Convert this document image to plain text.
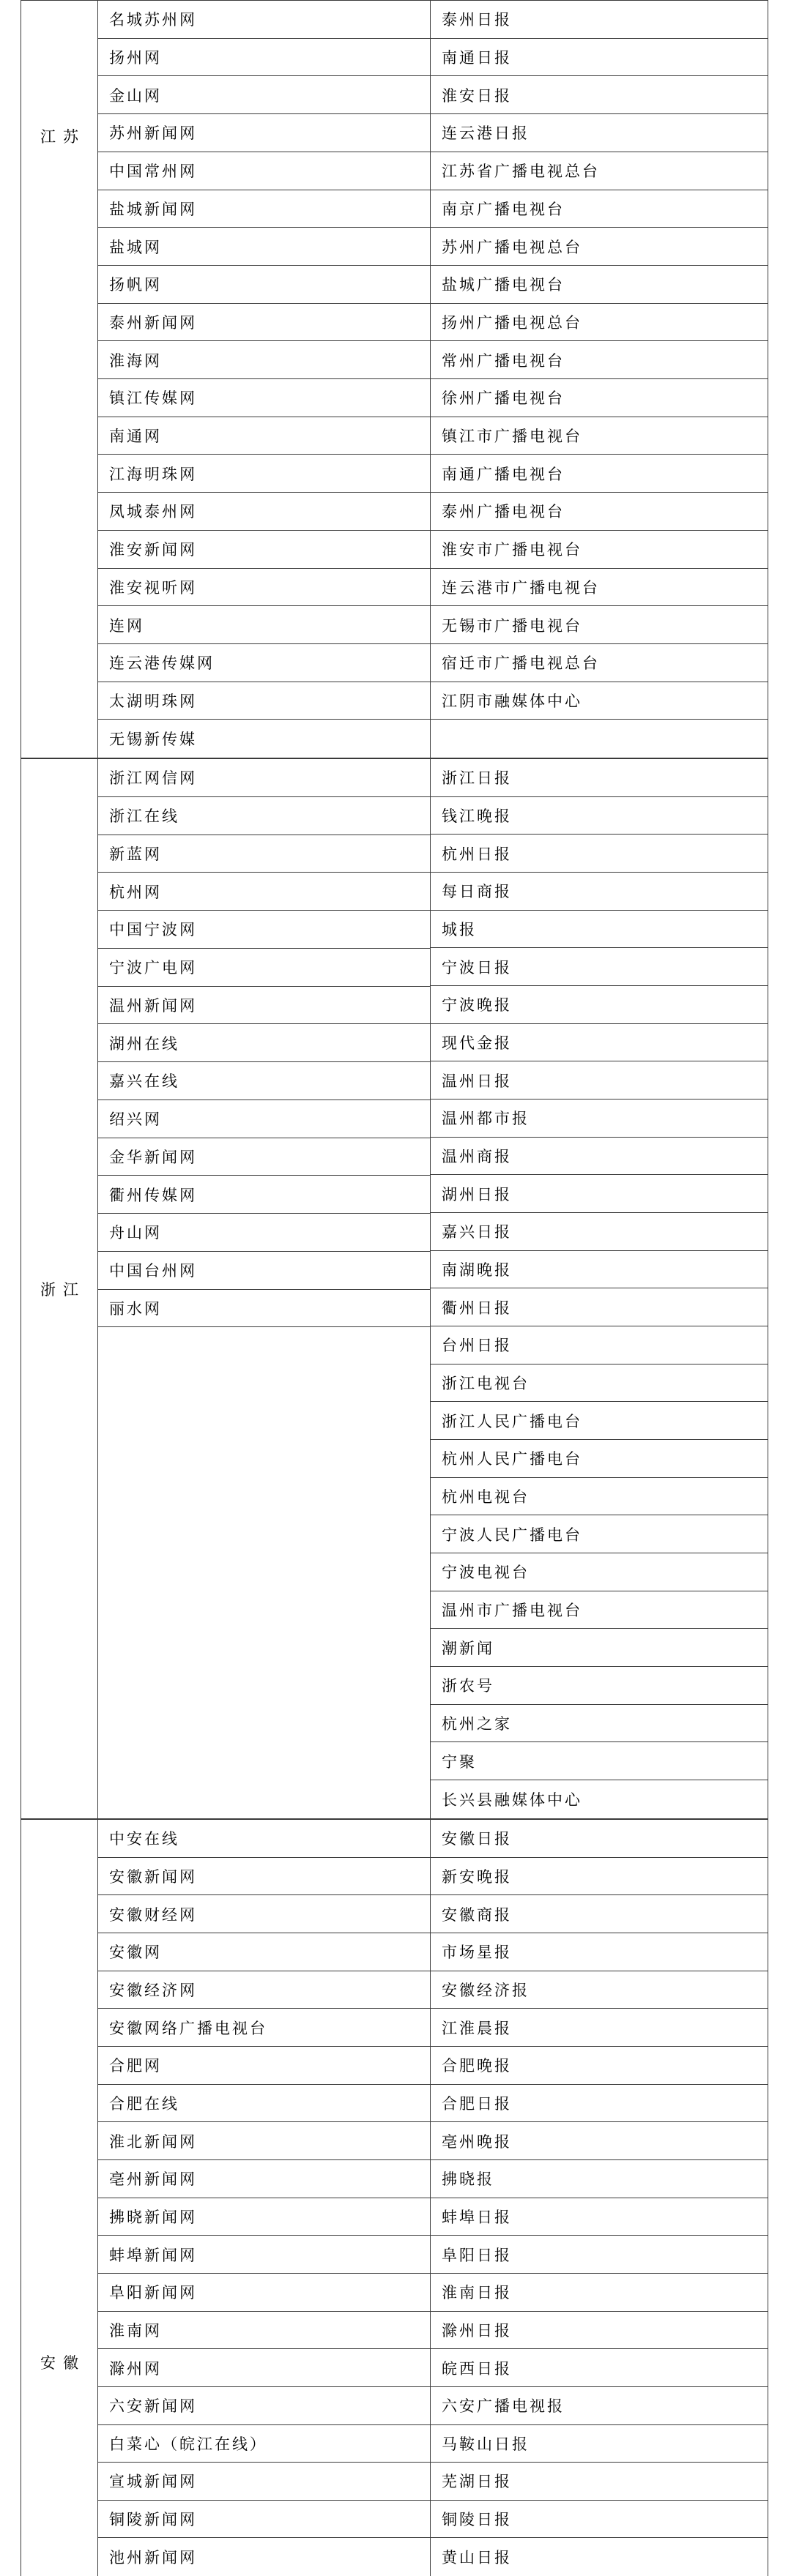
江苏
名城苏州网
扬州网
金山网
苏州新闻网
中国常州网
盐城新闻网
盐城网
扬帆网
泰州新闻网
淮海网
镇江传媒网
南通网
江海明珠网
凤城泰州网
淮安新闻网
淮安视听网
连网
连云港传媒网
太湖明珠网
无锡新传媒
泰州日报
南通日报
淮安日报
连云港日报
江苏省广播电视总台
南京广播电视台
苏州广播电视总台
盐城广播电视台
扬州广播电视总台
常州广播电视台
徐州广播电视台
镇江市广播电视台
南通广播电视台
泰州广播电视台
淮安市广播电视台
连云港市广播电视台
无锡市广播电视台
宿迁市广播电视总台
江阴市融媒体中心
浙江
浙江网信网
浙江在线
新蓝网
杭州网
中国宁波网
宁波广电网
温州新闻网
湖州在线
嘉兴在线
绍兴网
金华新闻网
衢州传媒网
舟山网
中国台州网
丽水网
浙江日报
钱江晚报
杭州日报
每日商报
城报
宁波日报
宁波晚报
现代金报
温州日报
温州都市报
温州商报
湖州日报
嘉兴日报
南湖晚报
衢州日报
台州日报
浙江电视台
浙江人民广播电台
杭州人民广播电台
杭州电视台
宁波人民广播电台
宁波电视台
温州市广播电视台
潮新闻
浙农号
杭州之家
宁聚
长兴县融媒体中心
安徽
中安在线
安徽新闻网
安徽财经网
安徽网
安徽经济网
安徽网络广播电视台
合肥网
合肥在线
淮北新闻网
亳州新闻网
拂晓新闻网
蚌埠新闻网
阜阳新闻网
淮南网
滁州网
六安新闻网
白菜心（皖江在线）
宣城新闻网
铜陵新闻网
池州新闻网
安徽日报
新安晚报
安徽商报
市场星报
安徽经济报
江淮晨报
合肥晚报
合肥日报
亳州晚报
拂晓报
蚌埠日报
阜阳日报
淮南日报
滁州日报
皖西日报
六安广播电视报
马鞍山日报
芜湖日报
铜陵日报
黄山日报
